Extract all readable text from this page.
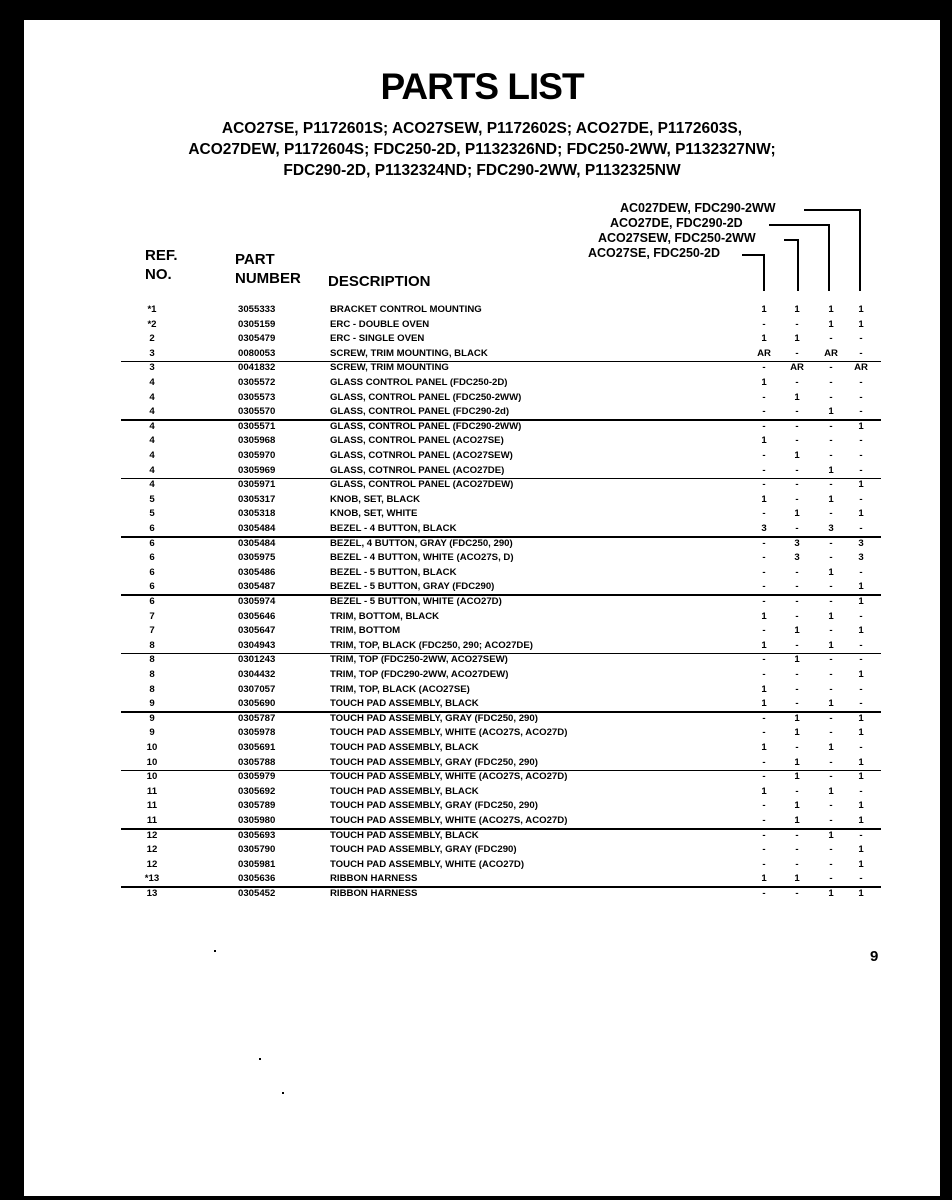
PARTS LIST
ACO27SE, P1172601S; ACO27SEW, P1172602S; ACO27DE, P1172603S,
ACO27DEW, P1172604S; FDC250-2D, P1132326ND; FDC250-2WW, P1132327NW;
FDC290-2D, P1132324ND; FDC290-2WW, P1132325NW
AC027DEW, FDC290-2WW
ACO27DE, FDC290-2D
ACO27SEW, FDC250-2WW
ACO27SE, FDC250-2D
REF.
NO.
PART
NUMBER DESCRIPTION
*1	3055333	BRACKET CONTROL MOUNTING	1	1	1	1
*2	0305159	ERC - DOUBLE OVEN	-	-	1	1
2	0305479	ERC - SINGLE OVEN	1	1	-	-
3	0080053	SCREW, TRIM MOUNTING, BLACK	AR	-	AR	-
3	0041832	SCREW, TRIM MOUNTING	-	AR	-	AR
4	0305572	GLASS CONTROL PANEL (FDC250-2D)	1	-	-	-
4	0305573	GLASS, CONTROL PANEL (FDC250-2WW)	-	1	-	-
4	0305570	GLASS, CONTROL PANEL (FDC290-2d)	-	-	1	-
4	0305571	GLASS, CONTROL PANEL (FDC290-2WW)	-	-	-	1
4	0305968	GLASS, CONTROL PANEL (ACO27SE)	1	-	-	-
4	0305970	GLASS, COTNROL PANEL (ACO27SEW)	-	1	-	-
4	0305969	GLASS, COTNROL PANEL (ACO27DE)	-	-	1	-
4	0305971	GLASS, CONTROL PANEL (ACO27DEW)	-	-	-	1
5	0305317	KNOB, SET, BLACK	1	-	1	-
5	0305318	KNOB, SET, WHITE	-	1	-	1
6	0305484	BEZEL - 4 BUTTON, BLACK	3	-	3	-
6	0305484	BEZEL, 4 BUTTON, GRAY (FDC250, 290)	-	3	-	3
6	0305975	BEZEL - 4 BUTTON, WHITE (ACO27S, D)	-	3	-	3
6	0305486	BEZEL - 5 BUTTON, BLACK	-	-	1	-
6	0305487	BEZEL - 5 BUTTON, GRAY (FDC290)	-	-	-	1
6	0305974	BEZEL - 5 BUTTON, WHITE (ACO27D)	-	-	-	1
7	0305646	TRIM, BOTTOM, BLACK	1	-	1	-
7	0305647	TRIM, BOTTOM	-	1	-	1
8	0304943	TRIM, TOP, BLACK (FDC250, 290; ACO27DE)	1	-	1	-
8	0301243	TRIM, TOP (FDC250-2WW, ACO27SEW)	-	1	-	-
8	0304432	TRIM, TOP (FDC290-2WW, ACO27DEW)	-	-	-	1
8	0307057	TRIM, TOP, BLACK (ACO27SE)	1	-	-	-
9	0305690	TOUCH PAD ASSEMBLY, BLACK	1	-	1	-
9	0305787	TOUCH PAD ASSEMBLY, GRAY (FDC250, 290)	-	1	-	1
9	0305978	TOUCH PAD ASSEMBLY, WHITE (ACO27S, ACO27D)	-	1	-	1
10	0305691	TOUCH PAD ASSEMBLY, BLACK	1	-	1	-
10	0305788	TOUCH PAD ASSEMBLY, GRAY (FDC250, 290)	-	1	-	1
10	0305979	TOUCH PAD ASSEMBLY, WHITE (ACO27S, ACO27D)	-	1	-	1
11	0305692	TOUCH PAD ASSEMBLY, BLACK	1	-	1	-
11	0305789	TOUCH PAD ASSEMBLY, GRAY (FDC250, 290)	-	1	-	1
11	0305980	TOUCH PAD ASSEMBLY, WHITE (ACO27S, ACO27D)	-	1	-	1
12	0305693	TOUCH PAD ASSEMBLY, BLACK	-	-	1	-
12	0305790	TOUCH PAD ASSEMBLY, GRAY (FDC290)	-	-	-	1
12	0305981	TOUCH PAD ASSEMBLY, WHITE (ACO27D)	-	-	-	1
*13	0305636	RIBBON HARNESS	1	1	-	-
13	0305452	RIBBON HARNESS	-	-	1	1
9
